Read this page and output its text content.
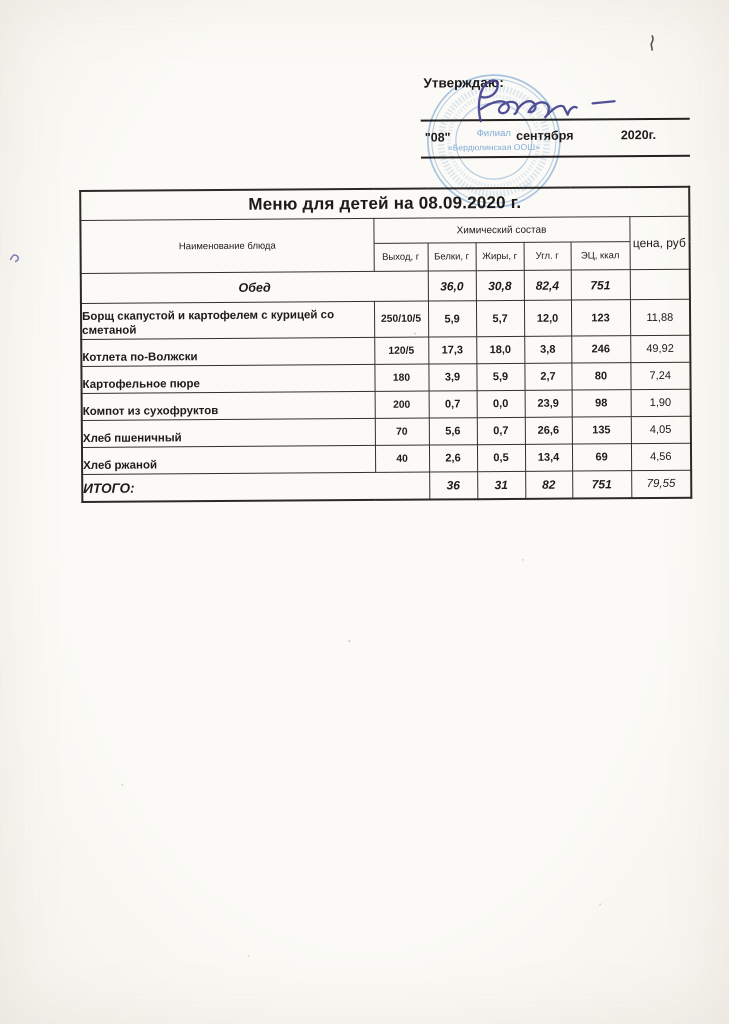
Утверждаю:
"08"	сентября	2020г.
Филиал
«Бердюлинская ООШ»
1027
Меню для детей на 08.09.2020 г.						
Наименование блюда	Химический состав					цена, руб
	Выход, г	Белки, г	Жиры, г	Угл. г	ЭЦ, ккал	
Обед		36,0	30,8	82,4	751	
Борщ скапустой и картофелем с курицей со сметаной	250/10/5	5,9	5,7	12,0	123	11,88
Котлета по-Волжски	120/5	17,3	18,0	3,8	246	49,92
Картофельное пюре	180	3,9	5,9	2,7	80	7,24
Компот из сухофруктов	200	0,7	0,0	23,9	98	1,90
Хлеб пшеничный	70	5,6	0,7	26,6	135	4,05
Хлеб ржаной	40	2,6	0,5	13,4	69	4,56
ИТОГО:		36	31	82	751	79,55
